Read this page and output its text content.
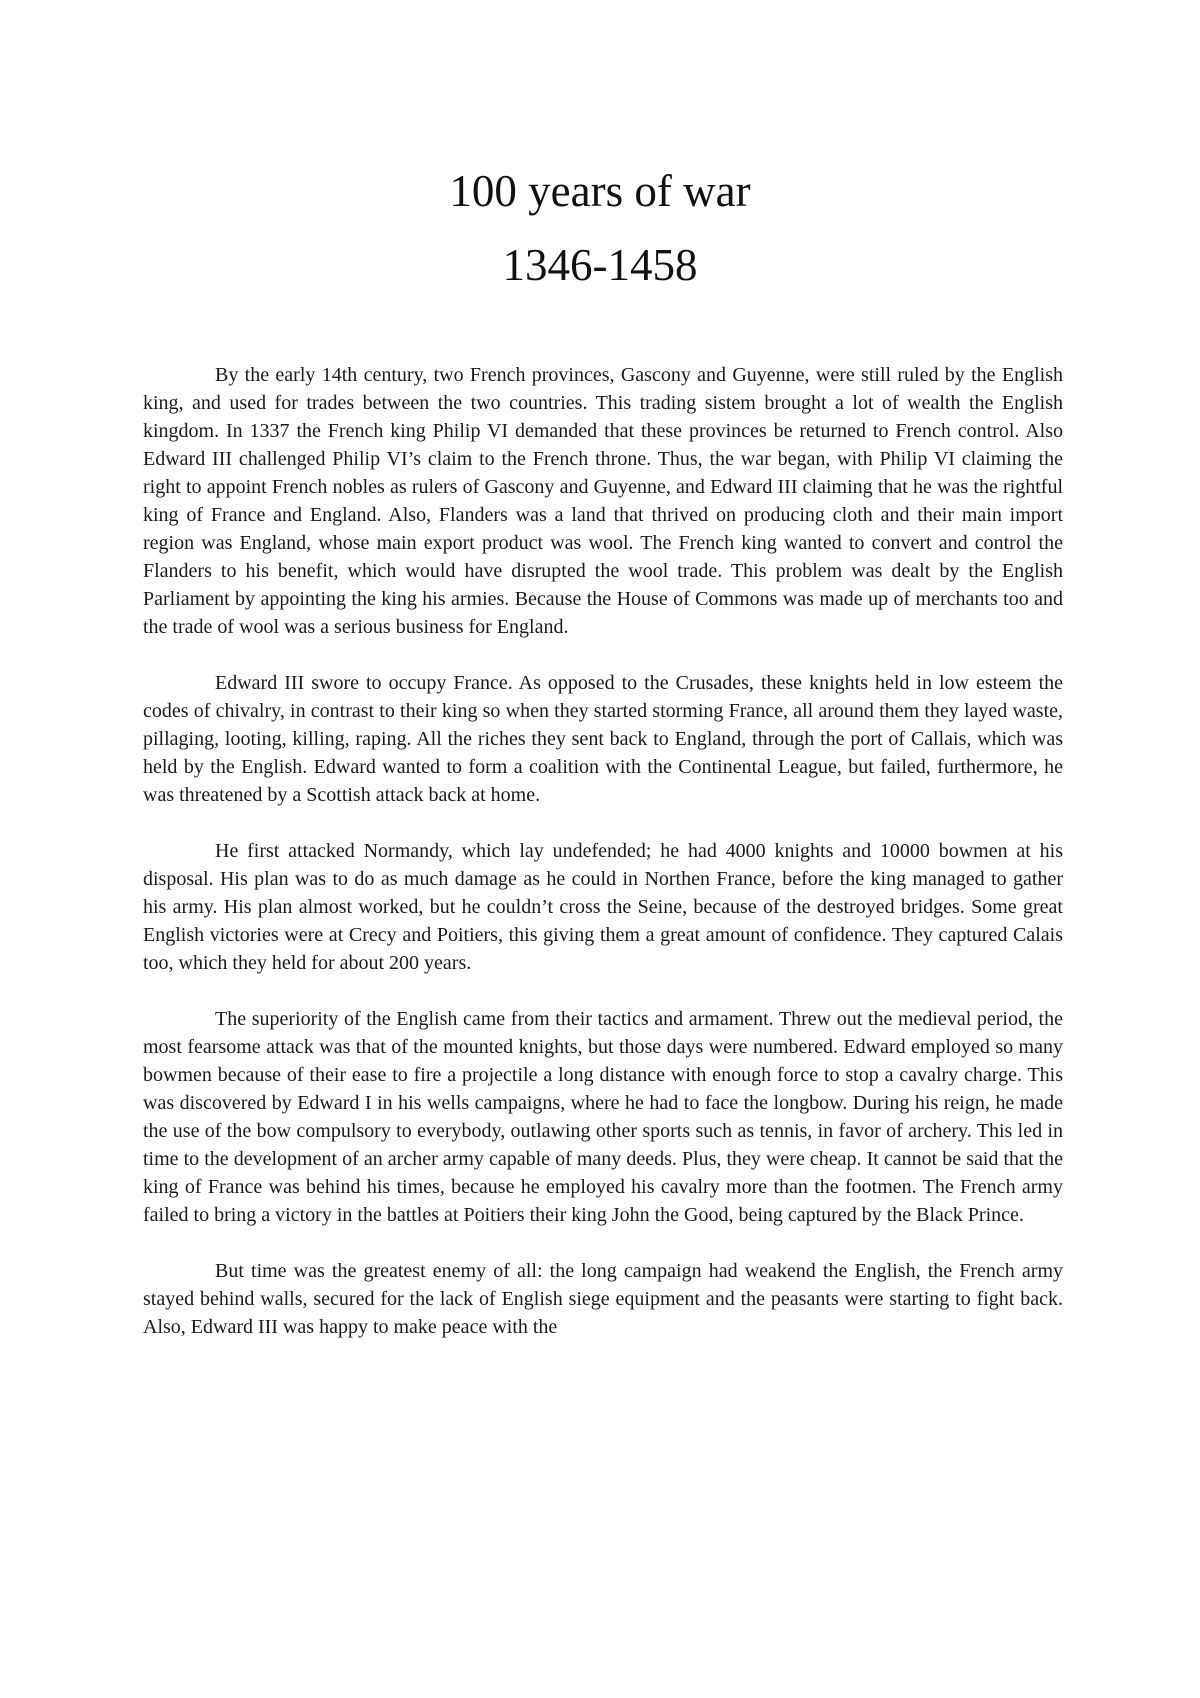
100 years of war
1346-1458

By the early 14th century, two French provinces, Gascony and Guyenne, were still ruled by the English king, and used for trades between the two countries. This trading sistem brought a lot of wealth the English kingdom. In 1337 the French king Philip VI demanded that these provinces be returned to French control. Also Edward III challenged Philip VI’s claim to the French throne. Thus, the war began, with Philip VI claiming the right to appoint French nobles as rulers of Gascony and Guyenne, and Edward III claiming that he was the rightful king of France and England. Also, Flanders was a land that thrived on producing cloth and their main import region was England, whose main export product was wool. The French king wanted to convert and control the Flanders to his benefit, which would have disrupted the wool trade. This problem was dealt by the English Parliament by appointing the king his armies. Because the House of Commons was made up of merchants too and the trade of wool was a serious business for England.

Edward III swore to occupy France. As opposed to the Crusades, these knights held in low esteem the codes of chivalry, in contrast to their king so when they started storming France, all around them they layed waste, pillaging, looting, killing, raping. All the riches they sent back to England, through the port of Callais, which was held by the English. Edward wanted to form a coalition with the Continental League, but failed, furthermore, he was threatened by a Scottish attack back at home.

He first attacked Normandy, which lay undefended; he had 4000 knights and 10000 bowmen at his disposal. His plan was to do as much damage as he could in Northen France, before the king managed to gather his army. His plan almost worked, but he couldn’t cross the Seine, because of the destroyed bridges. Some great English victories were at Crecy and Poitiers, this giving them a great amount of confidence. They captured Calais too, which they held for about 200 years.

The superiority of the English came from their tactics and armament. Threw out the medieval period, the most fearsome attack was that of the mounted knights, but those days were numbered. Edward employed so many bowmen because of their ease to fire a projectile a long distance with enough force to stop a cavalry charge. This was discovered by Edward I in his wells campaigns, where he had to face the longbow. During his reign, he made the use of the bow compulsory to everybody, outlawing other sports such as tennis, in favor of archery. This led in time to the development of an archer army capable of many deeds. Plus, they were cheap. It cannot be said that the king of France was behind his times, because he employed his cavalry more than the footmen. The French army failed to bring a victory in the battles at Poitiers their king John the Good, being captured by the Black Prince.

But time was the greatest enemy of all: the long campaign had weakend the English, the French army stayed behind walls, secured for the lack of English siege equipment and the peasants were starting to fight back. Also, Edward III was happy to make peace with the
